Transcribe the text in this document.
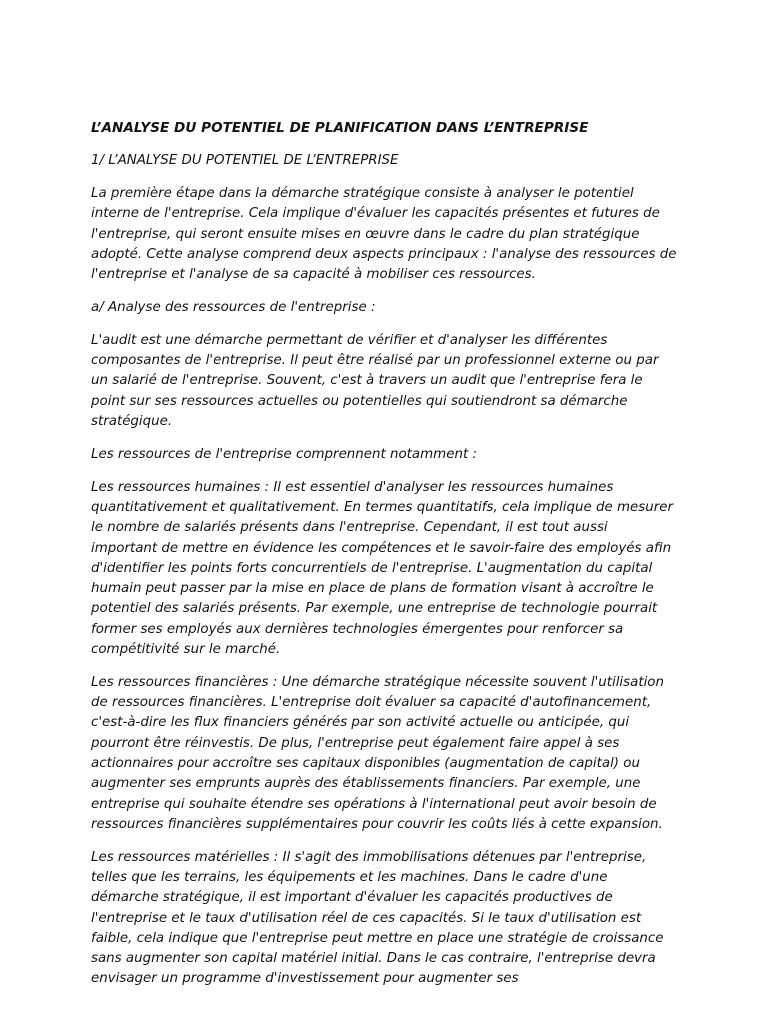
L’ANALYSE DU POTENTIEL DE PLANIFICATION DANS L’ENTREPRISE

1/ L’ANALYSE DU POTENTIEL DE L’ENTREPRISE

La première étape dans la démarche stratégique consiste à analyser le potentiel interne de l'entreprise. Cela implique d'évaluer les capacités présentes et futures de l'entreprise, qui seront ensuite mises en œuvre dans le cadre du plan stratégique adopté. Cette analyse comprend deux aspects principaux : l'analyse des ressources de l'entreprise et l'analyse de sa capacité à mobiliser ces ressources.

a/ Analyse des ressources de l'entreprise :

L'audit est une démarche permettant de vérifier et d'analyser les différentes composantes de l'entreprise. Il peut être réalisé par un professionnel externe ou par un salarié de l'entreprise. Souvent, c'est à travers un audit que l'entreprise fera le point sur ses ressources actuelles ou potentielles qui soutiendront sa démarche stratégique.

Les ressources de l'entreprise comprennent notamment :

Les ressources humaines : Il est essentiel d'analyser les ressources humaines quantitativement et qualitativement. En termes quantitatifs, cela implique de mesurer le nombre de salariés présents dans l'entreprise. Cependant, il est tout aussi important de mettre en évidence les compétences et le savoir-faire des employés afin d'identifier les points forts concurrentiels de l'entreprise. L'augmentation du capital humain peut passer par la mise en place de plans de formation visant à accroître le potentiel des salariés présents. Par exemple, une entreprise de technologie pourrait former ses employés aux dernières technologies émergentes pour renforcer sa compétitivité sur le marché.

Les ressources financières : Une démarche stratégique nécessite souvent l'utilisation de ressources financières. L'entreprise doit évaluer sa capacité d'autofinancement, c'est-à-dire les flux financiers générés par son activité actuelle ou anticipée, qui pourront être réinvestis. De plus, l'entreprise peut également faire appel à ses actionnaires pour accroître ses capitaux disponibles (augmentation de capital) ou augmenter ses emprunts auprès des établissements financiers. Par exemple, une entreprise qui souhaite étendre ses opérations à l'international peut avoir besoin de ressources financières supplémentaires pour couvrir les coûts liés à cette expansion.

Les ressources matérielles : Il s'agit des immobilisations détenues par l'entreprise, telles que les terrains, les équipements et les machines. Dans le cadre d'une démarche stratégique, il est important d'évaluer les capacités productives de l'entreprise et le taux d'utilisation réel de ces capacités. Si le taux d'utilisation est faible, cela indique que l'entreprise peut mettre en place une stratégie de croissance sans augmenter son capital matériel initial. Dans le cas contraire, l'entreprise devra envisager un programme d'investissement pour augmenter ses
